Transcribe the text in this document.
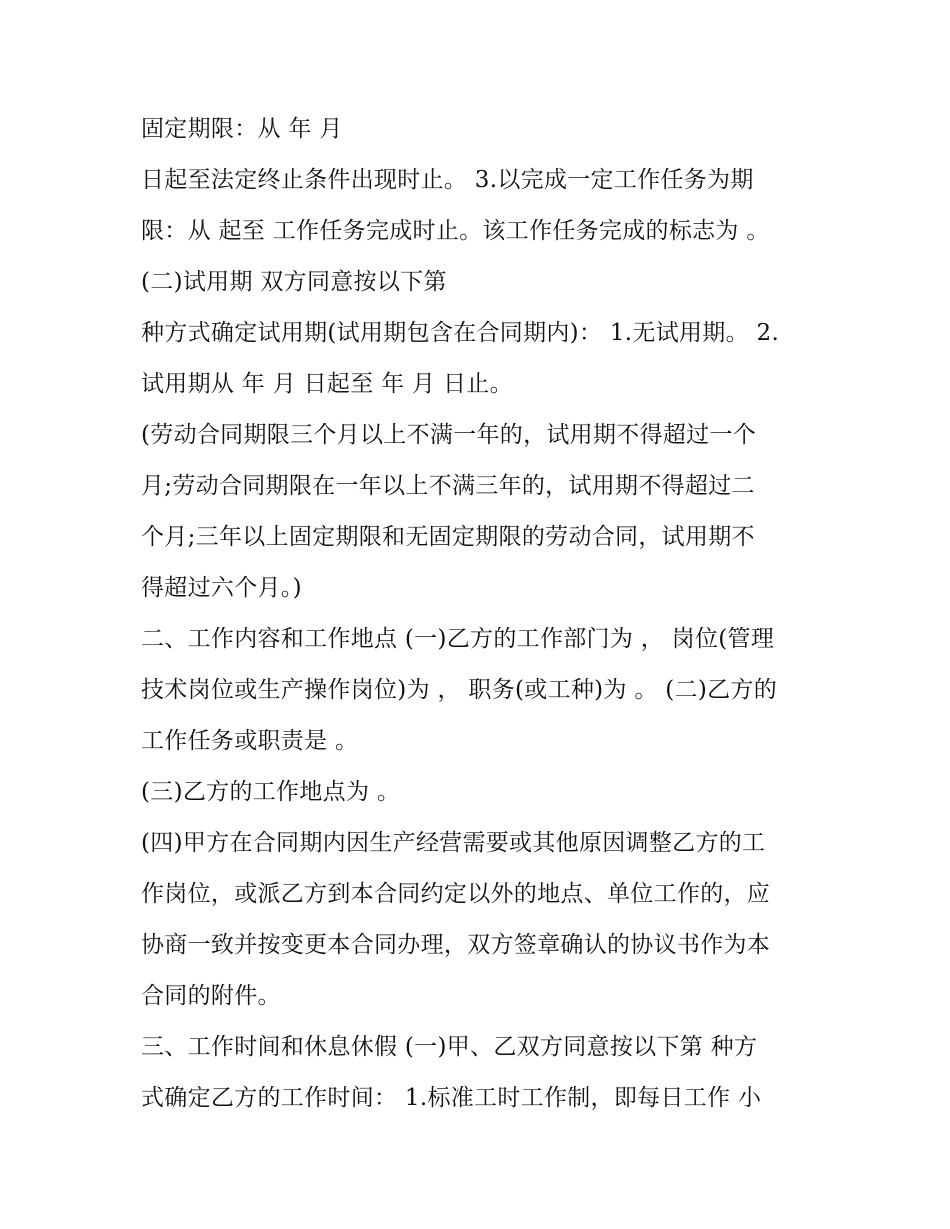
固定期限：从 年 月
日起至法定终止条件出现时止。 3.以完成一定工作任务为期
限：从 起至 工作任务完成时止。该工作任务完成的标志为 。
(二)试用期 双方同意按以下第
种方式确定试用期(试用期包含在合同期内)： 1.无试用期。 2.
试用期从 年 月 日起至 年 月 日止。
(劳动合同期限三个月以上不满一年的，试用期不得超过一个
月;劳动合同期限在一年以上不满三年的，试用期不得超过二
个月;三年以上固定期限和无固定期限的劳动合同，试用期不
得超过六个月。)
二、工作内容和工作地点 (一)乙方的工作部门为 ， 岗位(管理
技术岗位或生产操作岗位)为 ， 职务(或工种)为 。 (二)乙方的
工作任务或职责是 。
(三)乙方的工作地点为 。
(四)甲方在合同期内因生产经营需要或其他原因调整乙方的工
作岗位，或派乙方到本合同约定以外的地点、单位工作的，应
协商一致并按变更本合同办理，双方签章确认的协议书作为本
合同的附件。
三、工作时间和休息休假 (一)甲、乙双方同意按以下第 种方
式确定乙方的工作时间： 1.标准工时工作制，即每日工作 小
